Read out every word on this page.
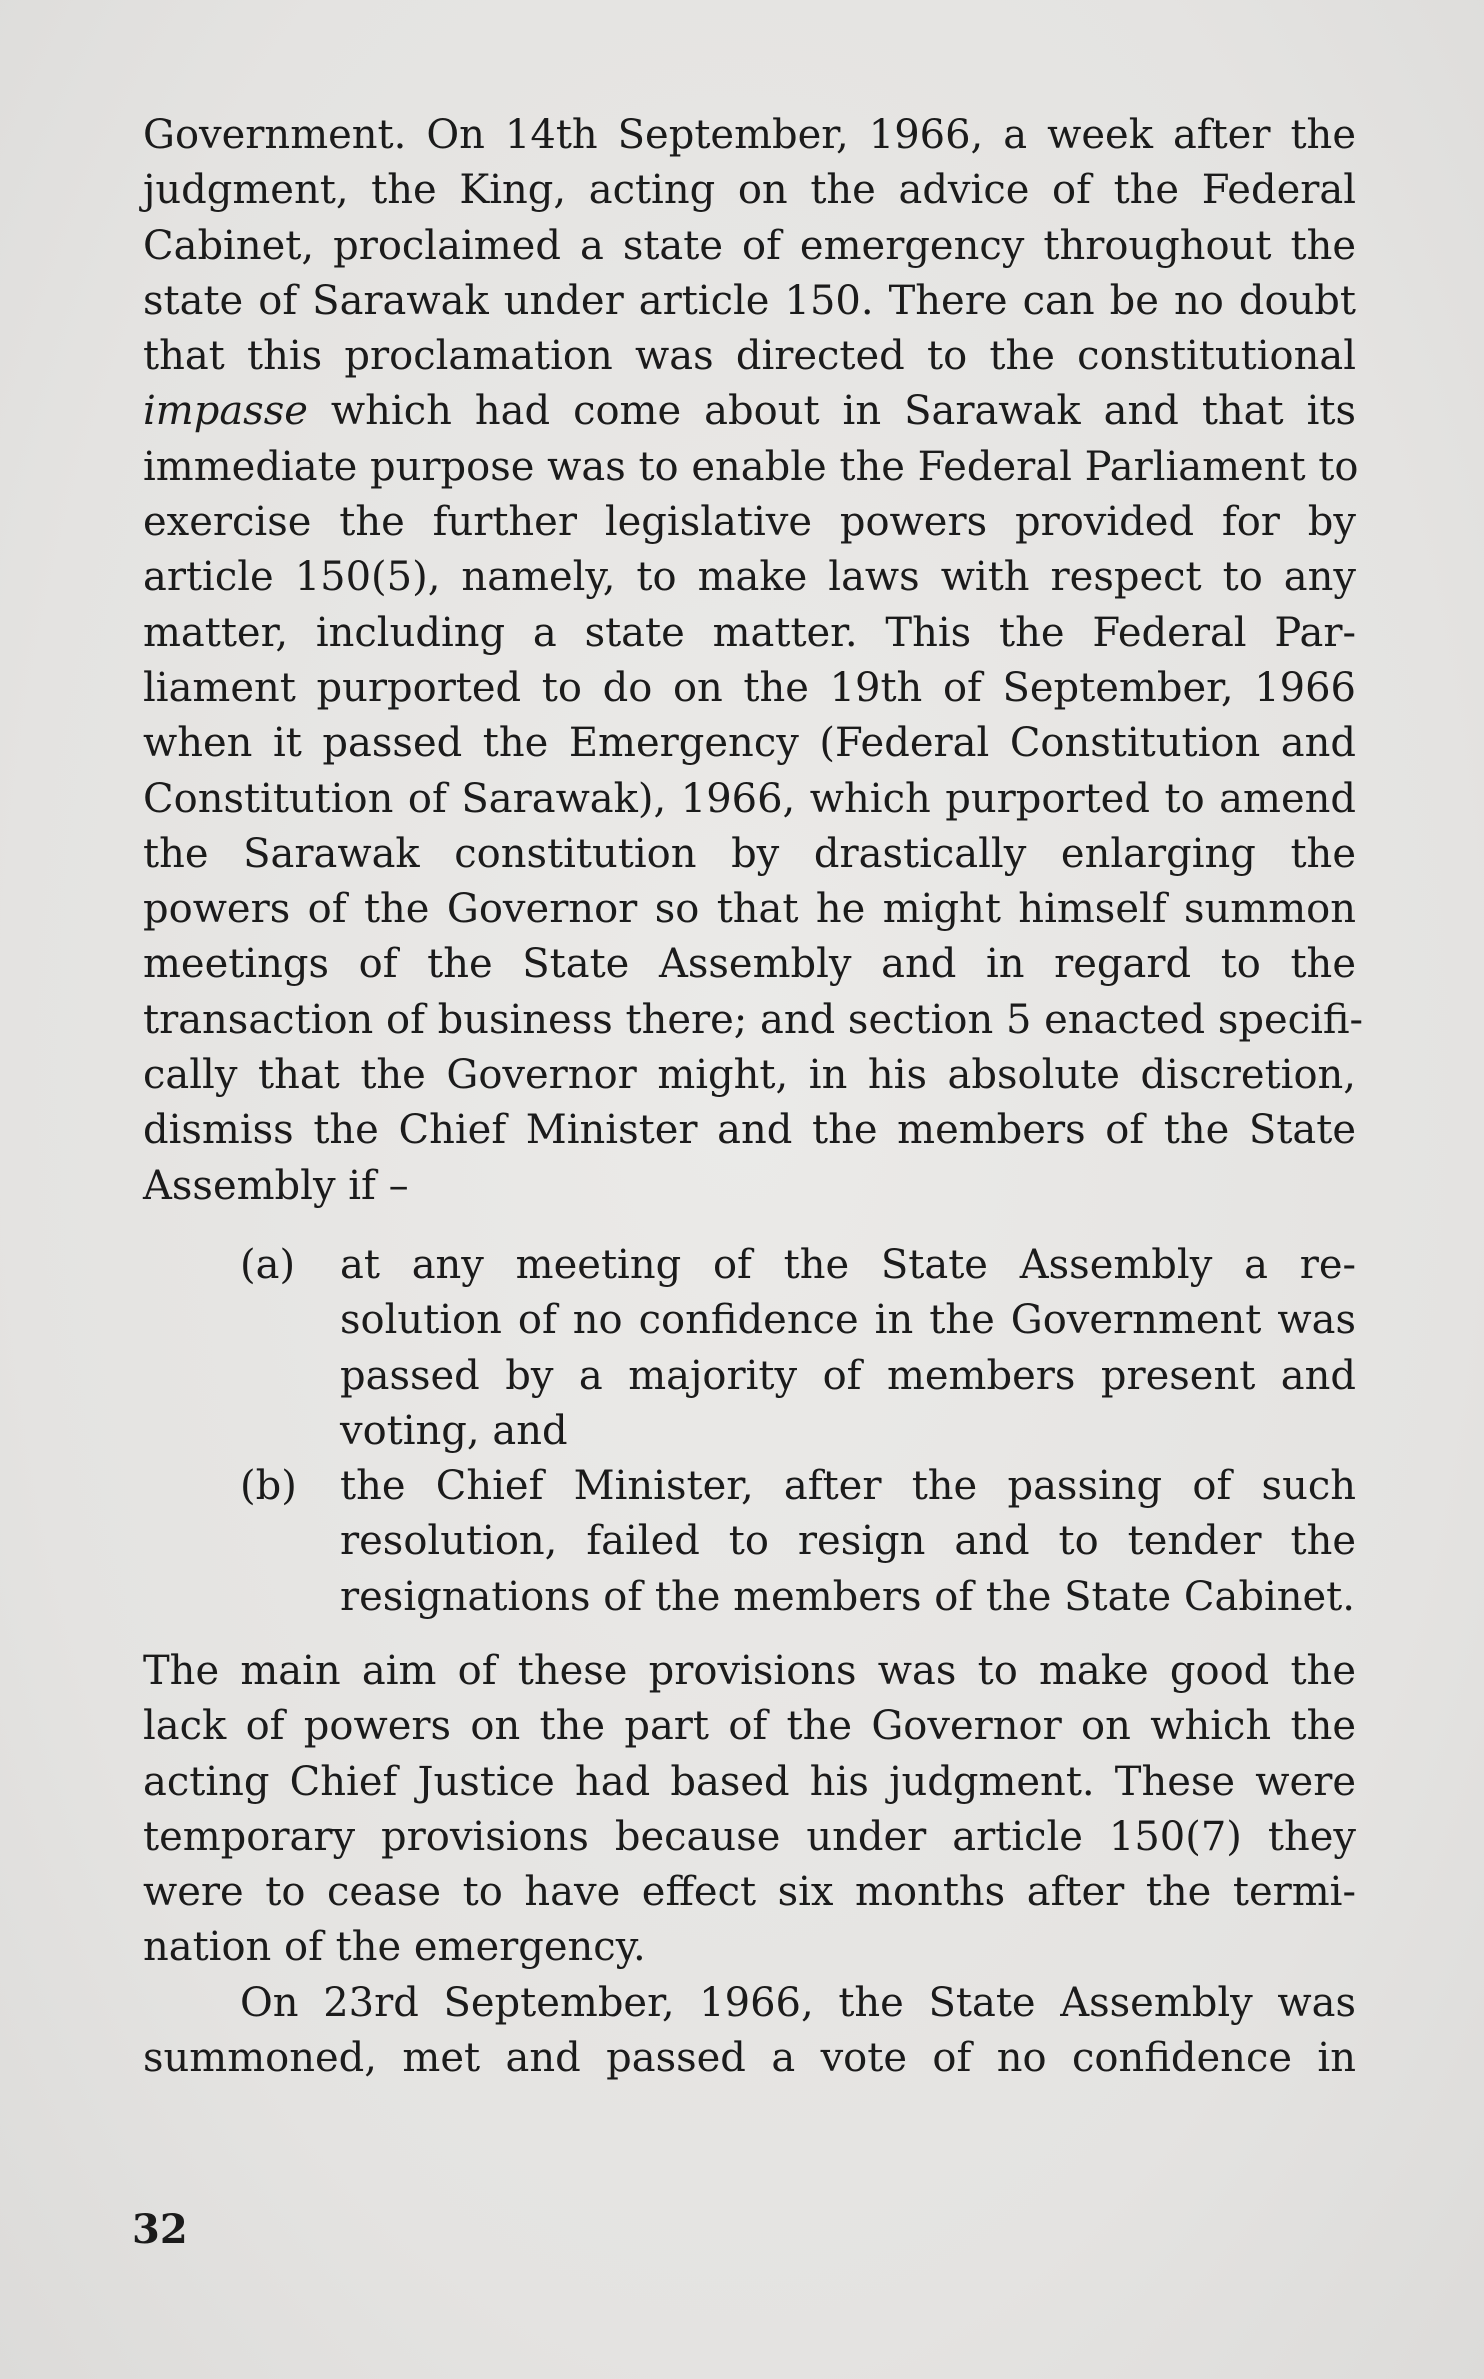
Government. On 14th September, 1966, a week after the
judgment, the King, acting on the advice of the Federal
Cabinet, proclaimed a state of emergency throughout the
state of Sarawak under article 150. There can be no doubt
that this proclamation was directed to the constitutional
impasse which had come about in Sarawak and that its
immediate purpose was to enable the Federal Parliament to
exercise the further legislative powers provided for by
article 150(5), namely, to make laws with respect to any
matter, including a state matter. This the Federal Par-
liament purported to do on the 19th of September, 1966
when it passed the Emergency (Federal Constitution and
Constitution of Sarawak), 1966, which purported to amend
the Sarawak constitution by drastically enlarging the
powers of the Governor so that he might himself summon
meetings of the State Assembly and in regard to the
transaction of business there; and section 5 enacted specifi-
cally that the Governor might, in his absolute discretion,
dismiss the Chief Minister and the members of the State
Assembly if –
(a) at any meeting of the State Assembly a re-
solution of no confidence in the Government was
passed by a majority of members present and
voting, and
(b) the Chief Minister, after the passing of such
resolution, failed to resign and to tender the
resignations of the members of the State Cabinet.
The main aim of these provisions was to make good the
lack of powers on the part of the Governor on which the
acting Chief Justice had based his judgment. These were
temporary provisions because under article 150(7) they
were to cease to have effect six months after the termi-
nation of the emergency.
On 23rd September, 1966, the State Assembly was
summoned, met and passed a vote of no confidence in
32
